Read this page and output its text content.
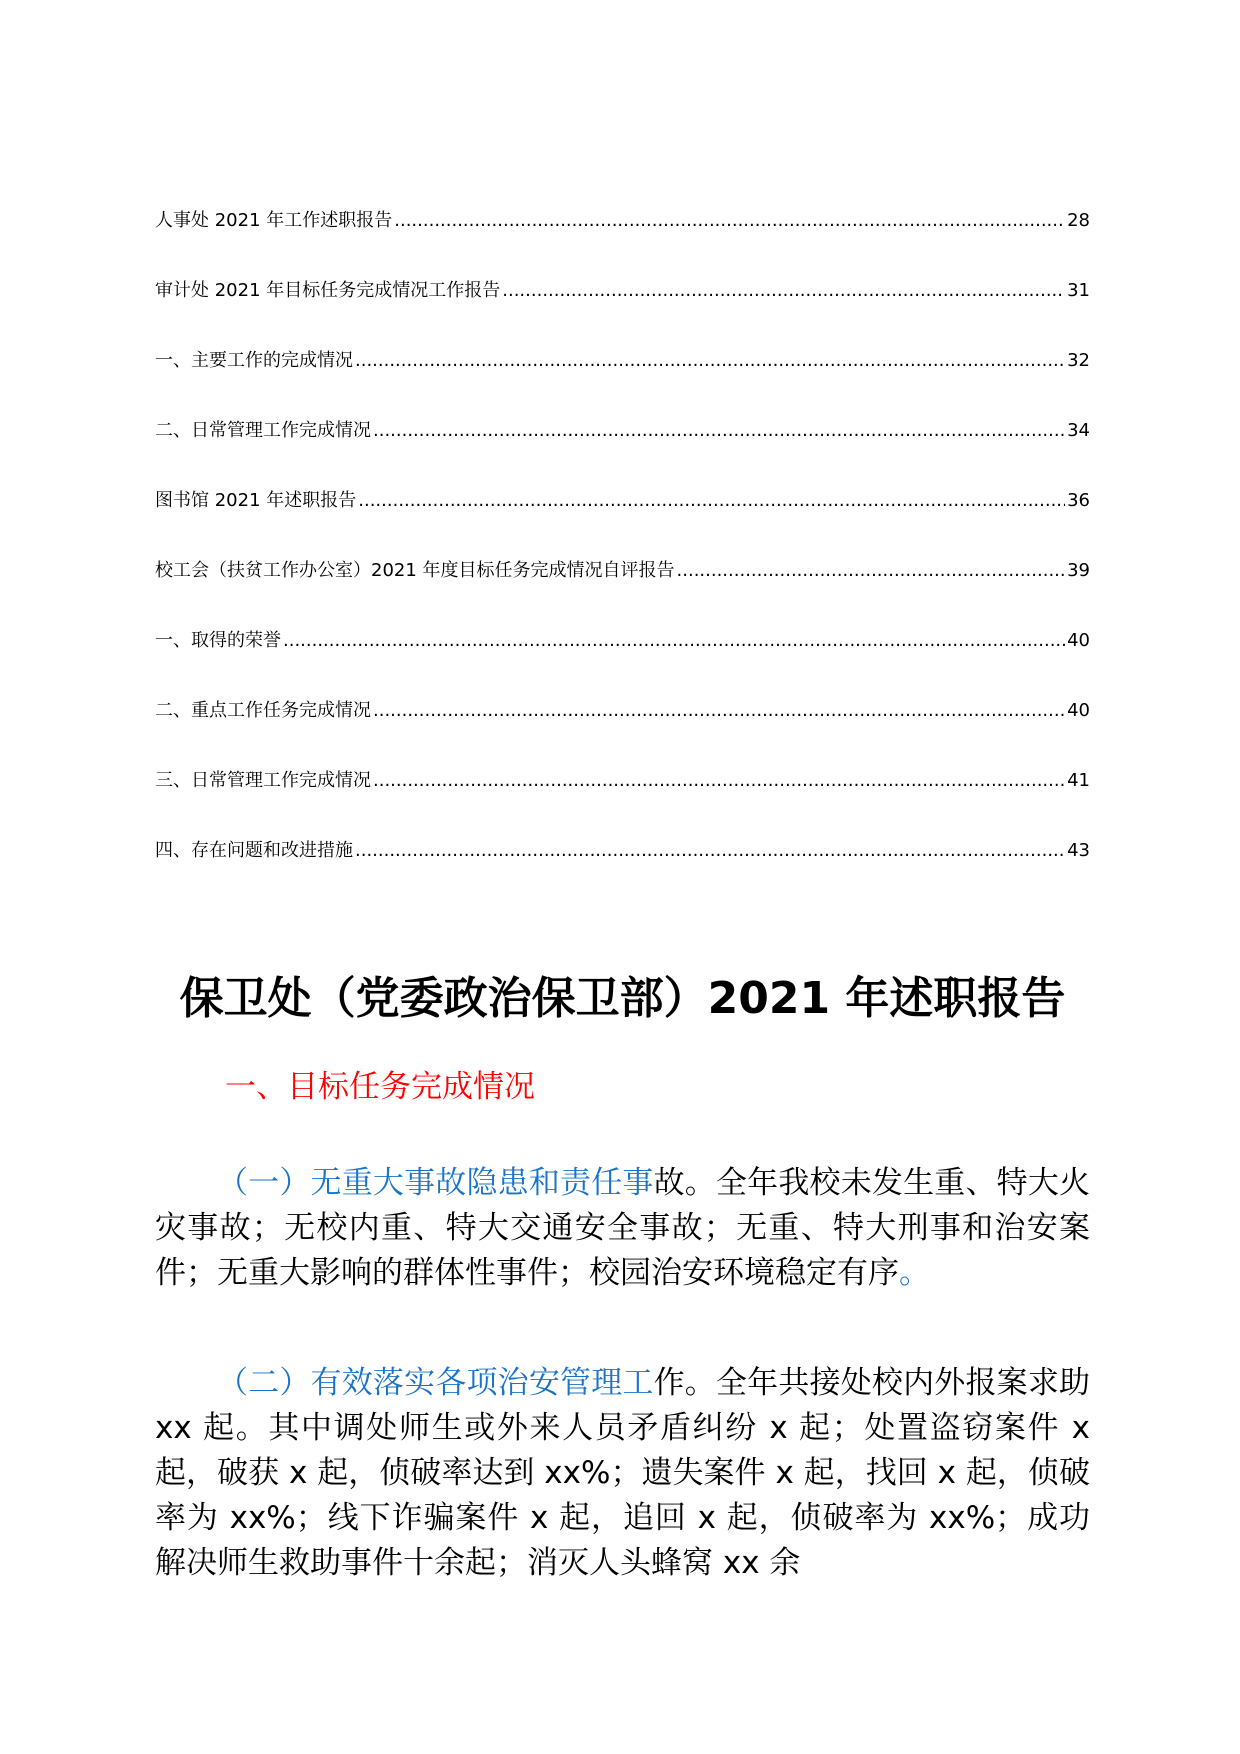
人事处 2021 年工作述职报告 .....	28
审计处 2021 年目标任务完成情况工作报告 .....	31
一、主要工作的完成情况 .....	32
二、日常管理工作完成情况 .....	34
图书馆 2021 年述职报告 .....	36
校工会（扶贫工作办公室）2021 年度目标任务完成情况自评报告 .....	39
一、取得的荣誉 .....	40
二、重点工作任务完成情况 .....	40
三、日常管理工作完成情况 .....	41
四、存在问题和改进措施 .....	43
保卫处（党委政治保卫部）2021 年述职报告
一、目标任务完成情况

（一）无重大事故隐患和责任事故。全年我校未发生重、特大火灾事故；无校内重、特大交通安全事故；无重、特大刑事和治安案件；无重大影响的群体性事件；校园治安环境稳定有序。

（二）有效落实各项治安管理工作。全年共接处校内外报案求助 xx 起。其中调处师生或外来人员矛盾纠纷 x 起；处置盗窃案件 x 起，破获 x 起，侦破率达到 xx%；遗失案件 x 起，找回 x 起，侦破率为 xx%；线下诈骗案件 x 起，追回 x 起，侦破率为 xx%；成功解决师生救助事件十余起；消灭人头蜂窝 xx 余
